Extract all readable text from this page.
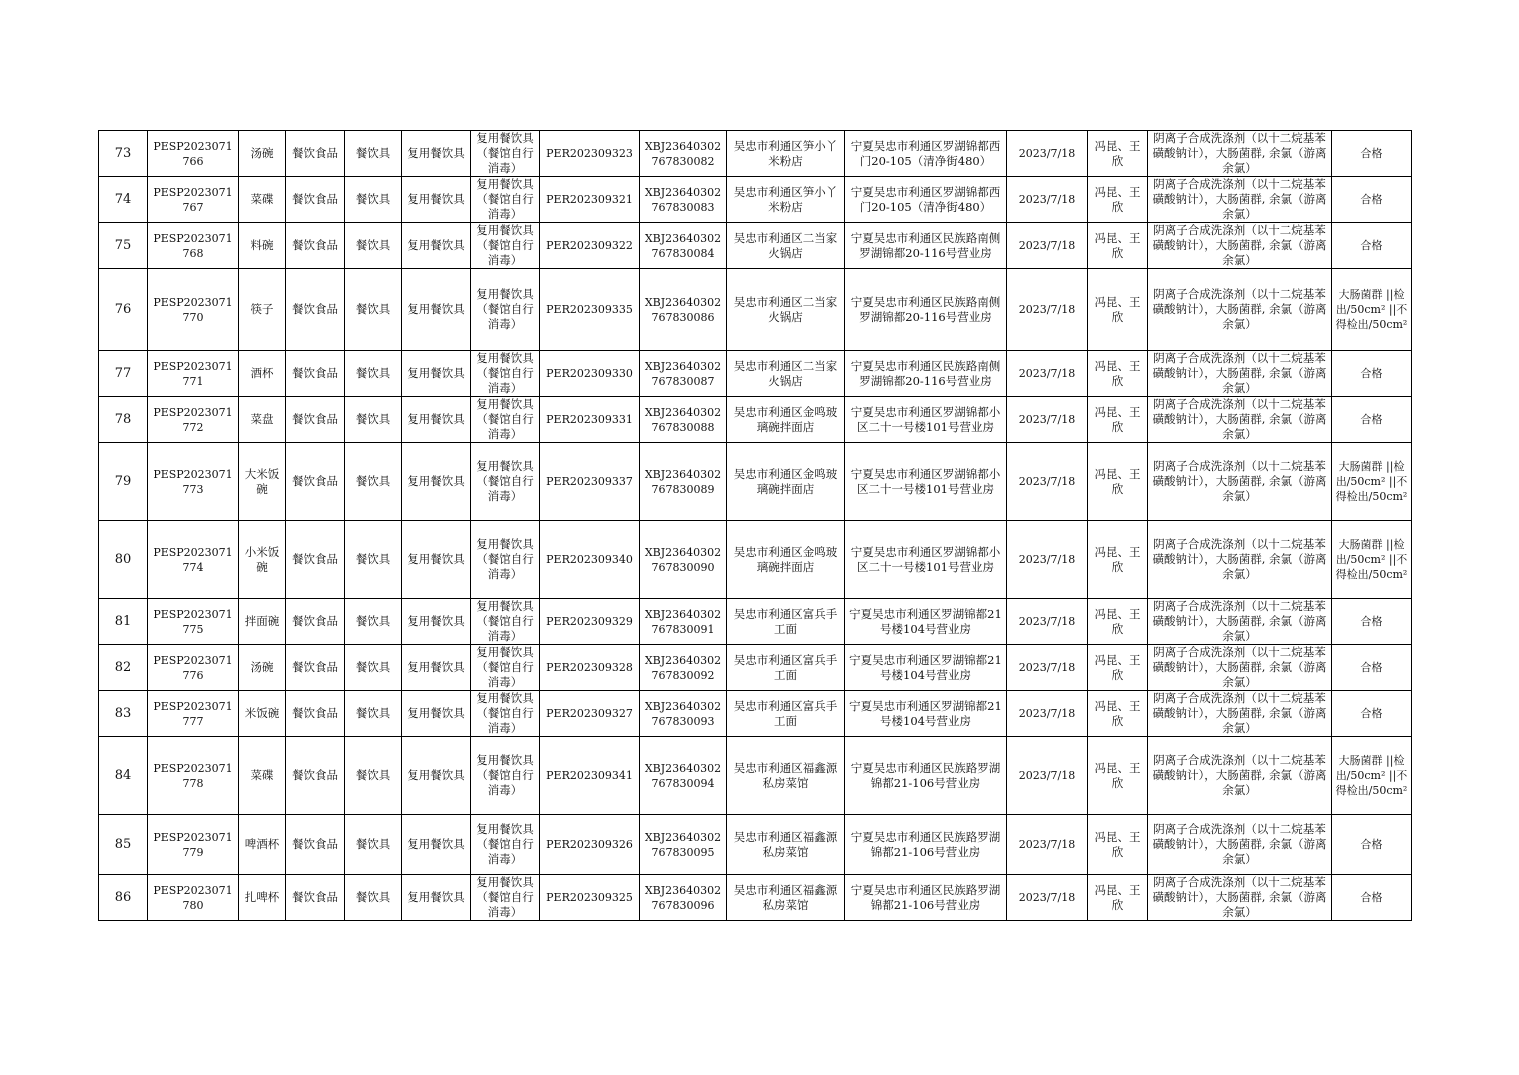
73	PESP2023071766	汤碗	餐饮食品	餐饮具	复用餐饮具	复用餐饮具（餐馆自行消毒）	PER202309323	XBJ23640302767830082	吴忠市利通区笋小丫米粉店	宁夏吴忠市利通区罗湖锦都西门20-105（清净街480）	2023/7/18	冯昆、王欣	阴离子合成洗涤剂（以十二烷基苯磺酸钠计），大肠菌群, 余氯（游离余氯）	合格
74	PESP2023071767	菜碟	餐饮食品	餐饮具	复用餐饮具	复用餐饮具（餐馆自行消毒）	PER202309321	XBJ23640302767830083	吴忠市利通区笋小丫米粉店	宁夏吴忠市利通区罗湖锦都西门20-105（清净街480）	2023/7/18	冯昆、王欣	阴离子合成洗涤剂（以十二烷基苯磺酸钠计），大肠菌群, 余氯（游离余氯）	合格
75	PESP2023071768	料碗	餐饮食品	餐饮具	复用餐饮具	复用餐饮具（餐馆自行消毒）	PER202309322	XBJ23640302767830084	吴忠市利通区二当家火锅店	宁夏吴忠市利通区民族路南侧罗湖锦都20-116号营业房	2023/7/18	冯昆、王欣	阴离子合成洗涤剂（以十二烷基苯磺酸钠计），大肠菌群, 余氯（游离余氯）	合格
76	PESP2023071770	筷子	餐饮食品	餐饮具	复用餐饮具	复用餐饮具（餐馆自行消毒）	PER202309335	XBJ23640302767830086	吴忠市利通区二当家火锅店	宁夏吴忠市利通区民族路南侧罗湖锦都20-116号营业房	2023/7/18	冯昆、王欣	阴离子合成洗涤剂（以十二烷基苯磺酸钠计），大肠菌群, 余氯（游离余氯）	大肠菌群 ||检出/50cm² ||不得检出/50cm²
77	PESP2023071771	酒杯	餐饮食品	餐饮具	复用餐饮具	复用餐饮具（餐馆自行消毒）	PER202309330	XBJ23640302767830087	吴忠市利通区二当家火锅店	宁夏吴忠市利通区民族路南侧罗湖锦都20-116号营业房	2023/7/18	冯昆、王欣	阴离子合成洗涤剂（以十二烷基苯磺酸钠计），大肠菌群, 余氯（游离余氯）	合格
78	PESP2023071772	菜盘	餐饮食品	餐饮具	复用餐饮具	复用餐饮具（餐馆自行消毒）	PER202309331	XBJ23640302767830088	吴忠市利通区金鸣玻璃碗拌面店	宁夏吴忠市利通区罗湖锦都小区二十一号楼101号营业房	2023/7/18	冯昆、王欣	阴离子合成洗涤剂（以十二烷基苯磺酸钠计），大肠菌群, 余氯（游离余氯）	合格
79	PESP2023071773	大米饭碗	餐饮食品	餐饮具	复用餐饮具	复用餐饮具（餐馆自行消毒）	PER202309337	XBJ23640302767830089	吴忠市利通区金鸣玻璃碗拌面店	宁夏吴忠市利通区罗湖锦都小区二十一号楼101号营业房	2023/7/18	冯昆、王欣	阴离子合成洗涤剂（以十二烷基苯磺酸钠计），大肠菌群, 余氯（游离余氯）	大肠菌群 ||检出/50cm² ||不得检出/50cm²
80	PESP2023071774	小米饭碗	餐饮食品	餐饮具	复用餐饮具	复用餐饮具（餐馆自行消毒）	PER202309340	XBJ23640302767830090	吴忠市利通区金鸣玻璃碗拌面店	宁夏吴忠市利通区罗湖锦都小区二十一号楼101号营业房	2023/7/18	冯昆、王欣	阴离子合成洗涤剂（以十二烷基苯磺酸钠计），大肠菌群, 余氯（游离余氯）	大肠菌群 ||检出/50cm² ||不得检出/50cm²
81	PESP2023071775	拌面碗	餐饮食品	餐饮具	复用餐饮具	复用餐饮具（餐馆自行消毒）	PER202309329	XBJ23640302767830091	吴忠市利通区富兵手工面	宁夏吴忠市利通区罗湖锦都21号楼104号营业房	2023/7/18	冯昆、王欣	阴离子合成洗涤剂（以十二烷基苯磺酸钠计），大肠菌群, 余氯（游离余氯）	合格
82	PESP2023071776	汤碗	餐饮食品	餐饮具	复用餐饮具	复用餐饮具（餐馆自行消毒）	PER202309328	XBJ23640302767830092	吴忠市利通区富兵手工面	宁夏吴忠市利通区罗湖锦都21号楼104号营业房	2023/7/18	冯昆、王欣	阴离子合成洗涤剂（以十二烷基苯磺酸钠计），大肠菌群, 余氯（游离余氯）	合格
83	PESP2023071777	米饭碗	餐饮食品	餐饮具	复用餐饮具	复用餐饮具（餐馆自行消毒）	PER202309327	XBJ23640302767830093	吴忠市利通区富兵手工面	宁夏吴忠市利通区罗湖锦都21号楼104号营业房	2023/7/18	冯昆、王欣	阴离子合成洗涤剂（以十二烷基苯磺酸钠计），大肠菌群, 余氯（游离余氯）	合格
84	PESP2023071778	菜碟	餐饮食品	餐饮具	复用餐饮具	复用餐饮具（餐馆自行消毒）	PER202309341	XBJ23640302767830094	吴忠市利通区福鑫源私房菜馆	宁夏吴忠市利通区民族路罗湖锦都21-106号营业房	2023/7/18	冯昆、王欣	阴离子合成洗涤剂（以十二烷基苯磺酸钠计），大肠菌群, 余氯（游离余氯）	大肠菌群 ||检出/50cm² ||不得检出/50cm²
85	PESP2023071779	啤酒杯	餐饮食品	餐饮具	复用餐饮具	复用餐饮具（餐馆自行消毒）	PER202309326	XBJ23640302767830095	吴忠市利通区福鑫源私房菜馆	宁夏吴忠市利通区民族路罗湖锦都21-106号营业房	2023/7/18	冯昆、王欣	阴离子合成洗涤剂（以十二烷基苯磺酸钠计），大肠菌群, 余氯（游离余氯）	合格
86	PESP2023071780	扎啤杯	餐饮食品	餐饮具	复用餐饮具	复用餐饮具（餐馆自行消毒）	PER202309325	XBJ23640302767830096	吴忠市利通区福鑫源私房菜馆	宁夏吴忠市利通区民族路罗湖锦都21-106号营业房	2023/7/18	冯昆、王欣	阴离子合成洗涤剂（以十二烷基苯磺酸钠计），大肠菌群, 余氯（游离余氯）	合格
